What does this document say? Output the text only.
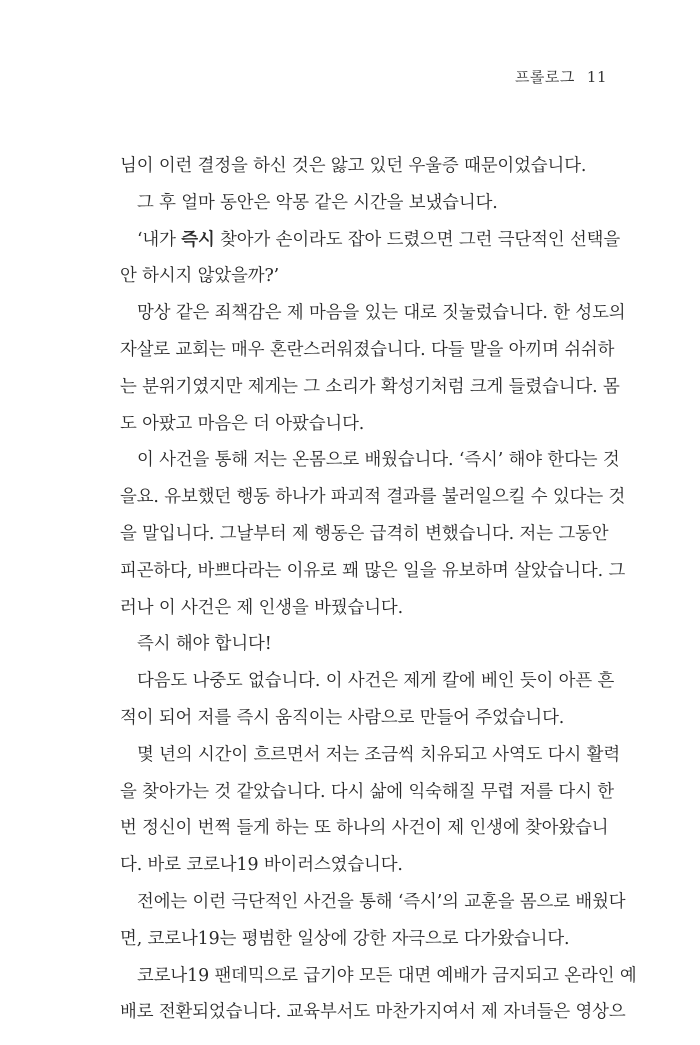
프롤로그 11
님이 이런 결정을 하신 것은 앓고 있던 우울증 때문이었습니다.
그 후 얼마 동안은 악몽 같은 시간을 보냈습니다.
‘내가 즉시 찾아가 손이라도 잡아 드렸으면 그런 극단적인 선택을
안 하시지 않았을까?’
망상 같은 죄책감은 제 마음을 있는 대로 짓눌렀습니다. 한 성도의
자살로 교회는 매우 혼란스러워졌습니다. 다들 말을 아끼며 쉬쉬하
는 분위기였지만 제게는 그 소리가 확성기처럼 크게 들렸습니다. 몸
도 아팠고 마음은 더 아팠습니다.
이 사건을 통해 저는 온몸으로 배웠습니다. ‘즉시’ 해야 한다는 것
을요. 유보했던 행동 하나가 파괴적 결과를 불러일으킬 수 있다는 것
을 말입니다. 그날부터 제 행동은 급격히 변했습니다. 저는 그동안
피곤하다, 바쁘다라는 이유로 꽤 많은 일을 유보하며 살았습니다. 그
러나 이 사건은 제 인생을 바꿨습니다.
즉시 해야 합니다!
다음도 나중도 없습니다. 이 사건은 제게 칼에 베인 듯이 아픈 흔
적이 되어 저를 즉시 움직이는 사람으로 만들어 주었습니다.
몇 년의 시간이 흐르면서 저는 조금씩 치유되고 사역도 다시 활력
을 찾아가는 것 같았습니다. 다시 삶에 익숙해질 무렵 저를 다시 한
번 정신이 번쩍 들게 하는 또 하나의 사건이 제 인생에 찾아왔습니
다. 바로 코로나19 바이러스였습니다.
전에는 이런 극단적인 사건을 통해 ‘즉시’의 교훈을 몸으로 배웠다
면, 코로나19는 평범한 일상에 강한 자극으로 다가왔습니다.
코로나19 팬데믹으로 급기야 모든 대면 예배가 금지되고 온라인 예
배로 전환되었습니다. 교육부서도 마찬가지여서 제 자녀들은 영상으
